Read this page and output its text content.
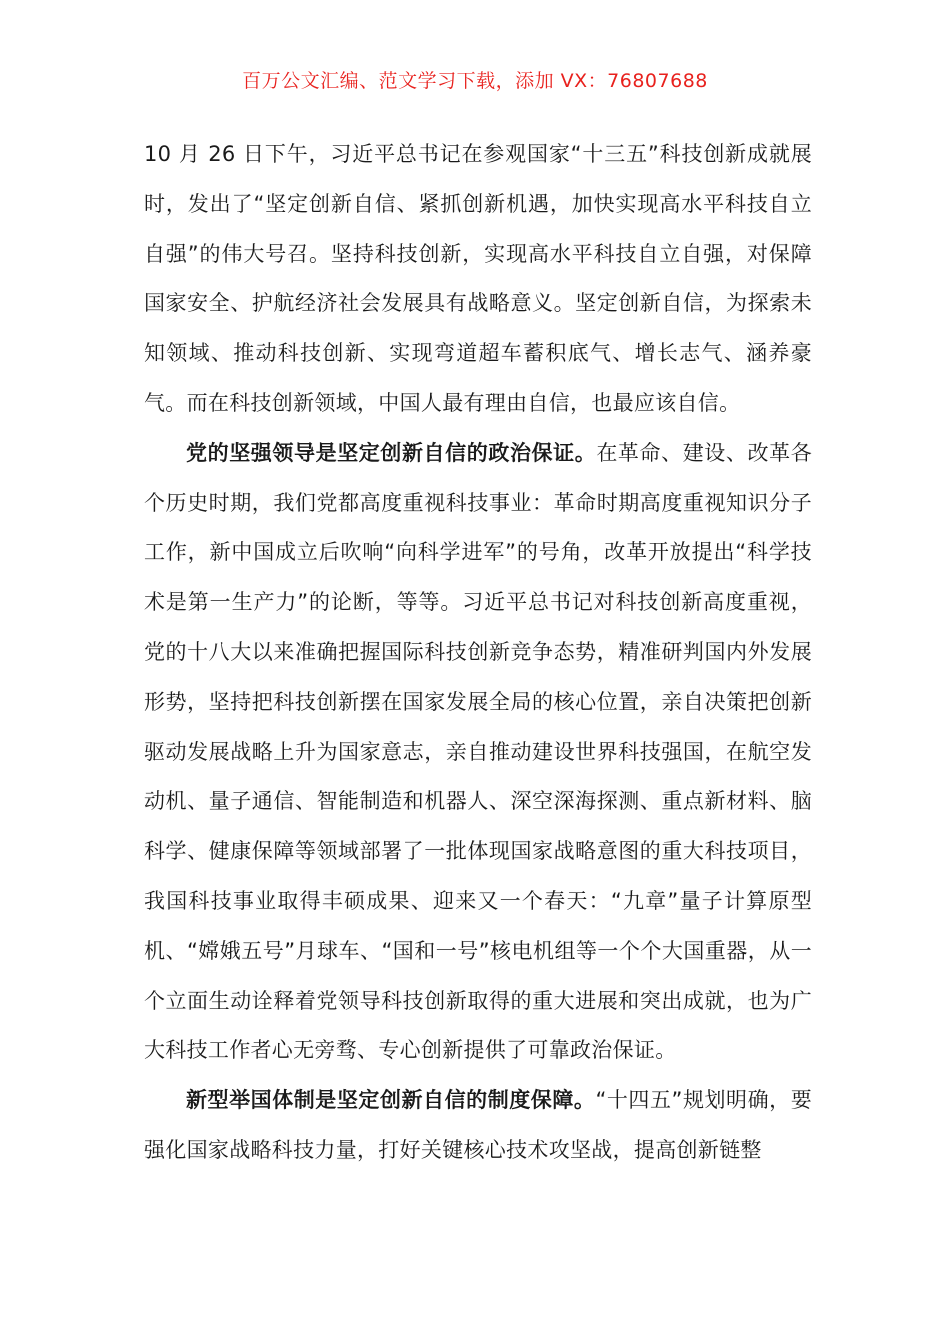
百万公文汇编、范文学习下载，添加 VX：76807688

10 月 26 日下午，习近平总书记在参观国家“十三五”科技创新成就展时，发出了“坚定创新自信、紧抓创新机遇，加快实现高水平科技自立自强”的伟大号召。坚持科技创新，实现高水平科技自立自强，对保障国家安全、护航经济社会发展具有战略意义。坚定创新自信，为探索未知领域、推动科技创新、实现弯道超车蓄积底气、增长志气、涵养豪气。而在科技创新领域，中国人最有理由自信，也最应该自信。

党的坚强领导是坚定创新自信的政治保证。在革命、建设、改革各个历史时期，我们党都高度重视科技事业：革命时期高度重视知识分子工作，新中国成立后吹响“向科学进军”的号角，改革开放提出“科学技术是第一生产力”的论断，等等。习近平总书记对科技创新高度重视，党的十八大以来准确把握国际科技创新竞争态势，精准研判国内外发展形势，坚持把科技创新摆在国家发展全局的核心位置，亲自决策把创新驱动发展战略上升为国家意志，亲自推动建设世界科技强国，在航空发动机、量子通信、智能制造和机器人、深空深海探测、重点新材料、脑科学、健康保障等领域部署了一批体现国家战略意图的重大科技项目，我国科技事业取得丰硕成果、迎来又一个春天：“九章”量子计算原型机、“嫦娥五号”月球车、“国和一号”核电机组等一个个大国重器，从一个立面生动诠释着党领导科技创新取得的重大进展和突出成就，也为广大科技工作者心无旁骛、专心创新提供了可靠政治保证。

新型举国体制是坚定创新自信的制度保障。“十四五”规划明确，要强化国家战略科技力量，打好关键核心技术攻坚战，提高创新链整
